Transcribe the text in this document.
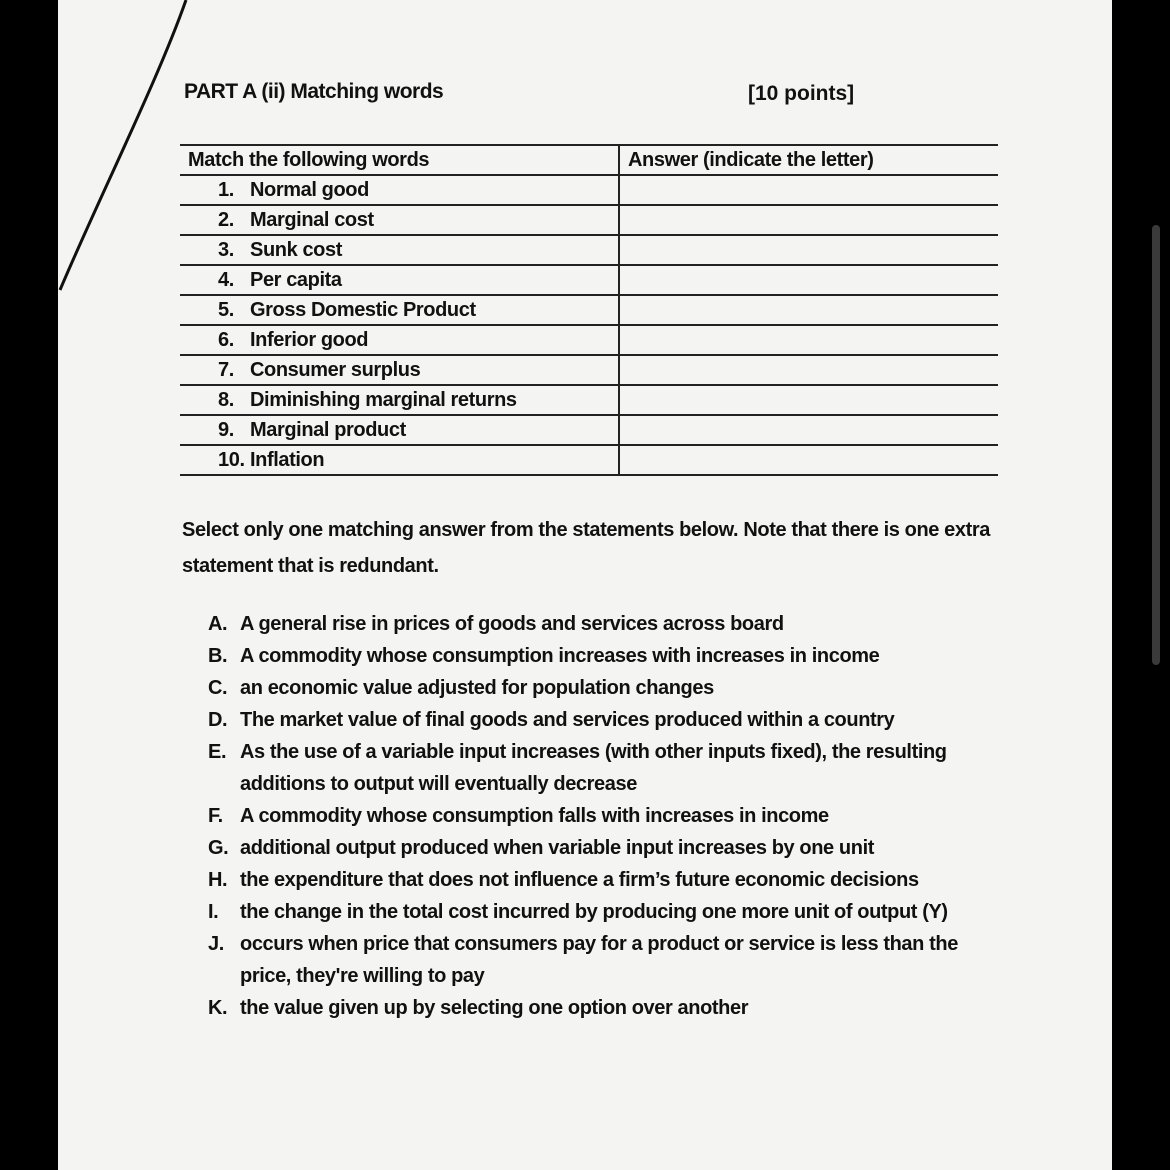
PART A (ii) Matching words	[10 points]
Match the following words	Answer (indicate the letter)
1. Normal good	
2. Marginal cost	
3. Sunk cost	
4. Per capita	
5. Gross Domestic Product	
6. Inferior good	
7. Consumer surplus	
8. Diminishing marginal returns	
9. Marginal product	
10. Inflation	
Select only one matching answer from the statements below. Note that there is one extra statement that is redundant.
A. A general rise in prices of goods and services across board
B. A commodity whose consumption increases with increases in income
C. an economic value adjusted for population changes
D. The market value of final goods and services produced within a country
E. As the use of a variable input increases (with other inputs fixed), the resulting additions to output will eventually decrease
F. A commodity whose consumption falls with increases in income
G. additional output produced when variable input increases by one unit
H. the expenditure that does not influence a firm’s future economic decisions
I.	the change in the total cost incurred by producing one more unit of output (Y)
J. occurs when price that consumers pay for a product or service is less than the price, they're willing to pay
K. the value given up by selecting one option over another
